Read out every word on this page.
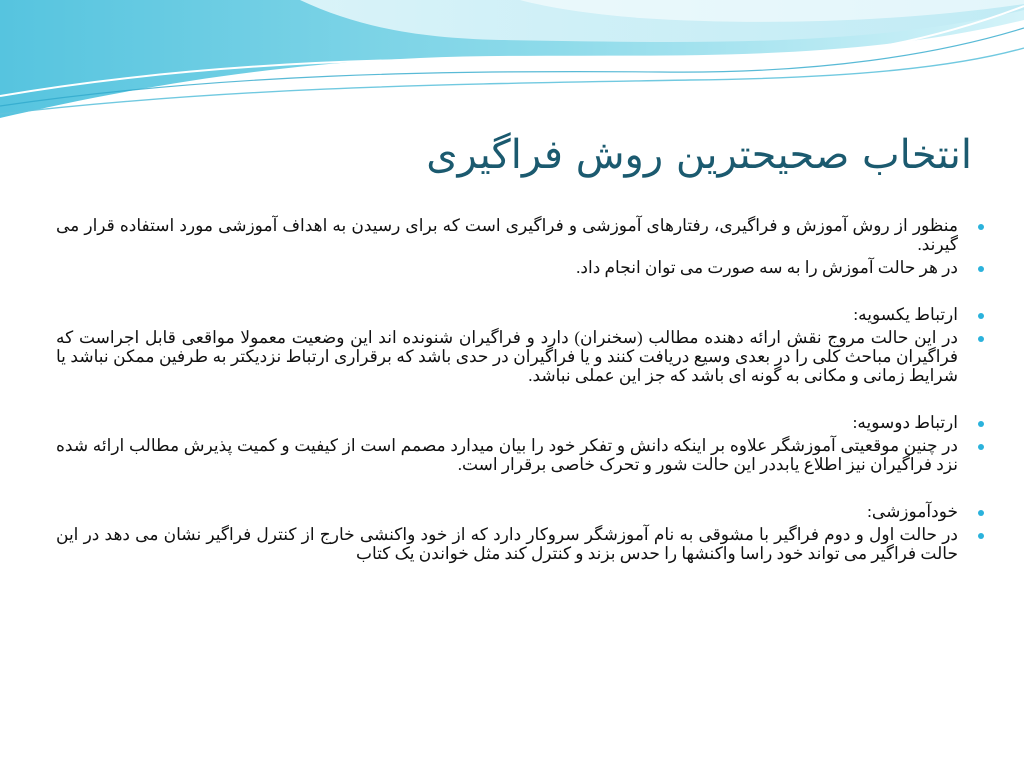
انتخاب صحیحترین روش فراگیری
منظور از روش آموزش و فراگیری، رفتارهای آموزشی و فراگیری است که برای رسیدن به اهداف آموزشی مورد استفاده قرار می گیرند.
در هر حالت آموزش را به سه صورت می توان انجام داد.
ارتباط یکسویه:
در این حالت مروج نقش ارائه دهنده مطالب (سخنران) دارد و فراگیران شنونده اند این وضعیت معمولا مواقعی قابل اجراست که فراگیران مباحث کلی را در بعدی وسیع دریافت کنند و یا فراگیران در حدی باشد که برقراری ارتباط نزدیکتر به طرفین ممکن نباشد یا شرایط زمانی و مکانی به گونه ای باشد که جز این عملی نباشد.
ارتباط دوسویه:
در چنین موقعیتی آموزشگر علاوه بر اینکه دانش و تفکر خود را بیان میدارد مصمم است از کیفیت و کمیت پذیرش مطالب ارائه شده نزد فراگیران نیز اطلاع یابددر این حالت شور و تحرک خاصی برقرار است.
خودآموزشی:
در حالت اول و دوم فراگیر با مشوقی به نام آموزشگر سروکار دارد که از خود واکنشی خارج از کنترل فراگیر نشان می دهد در این حالت فراگیر می تواند خود راسا واکنشها را حدس بزند و کنترل کند مثل خواندن یک کتاب
